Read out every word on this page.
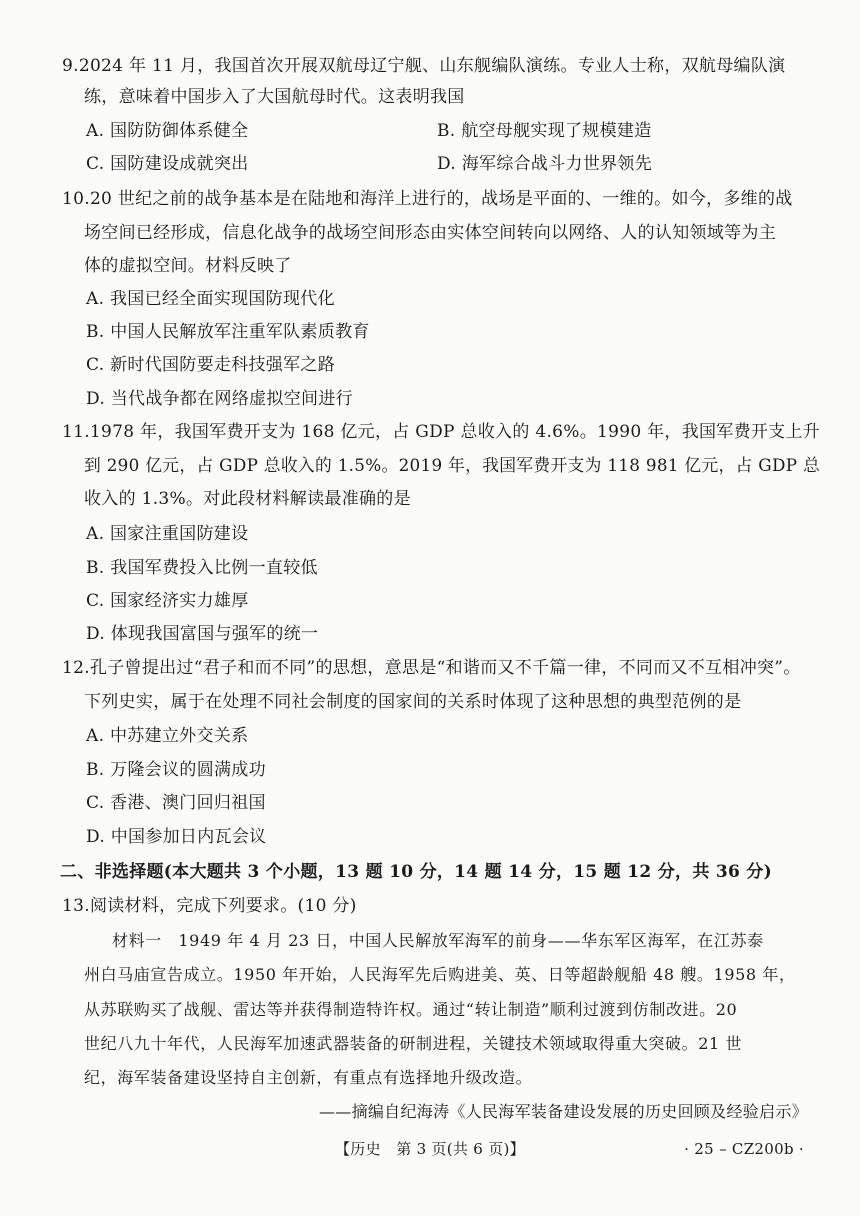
9.2024 年 11 月，我国首次开展双航母辽宁舰、山东舰编队演练。专业人士称，双航母编队演
练，意味着中国步入了大国航母时代。这表明我国
A. 国防防御体系健全	B. 航空母舰实现了规模建造
C. 国防建设成就突出	D. 海军综合战斗力世界领先
10.20 世纪之前的战争基本是在陆地和海洋上进行的，战场是平面的、一维的。如今，多维的战
场空间已经形成，信息化战争的战场空间形态由实体空间转向以网络、人的认知领域等为主
体的虚拟空间。材料反映了
A. 我国已经全面实现国防现代化
B. 中国人民解放军注重军队素质教育
C. 新时代国防要走科技强军之路
D. 当代战争都在网络虚拟空间进行
11.1978 年，我国军费开支为 168 亿元，占 GDP 总收入的 4.6%。1990 年，我国军费开支上升
到 290 亿元，占 GDP 总收入的 1.5%。2019 年，我国军费开支为 118 981 亿元，占 GDP 总
收入的 1.3%。对此段材料解读最准确的是
A. 国家注重国防建设
B. 我国军费投入比例一直较低
C. 国家经济实力雄厚
D. 体现我国富国与强军的统一
12.孔子曾提出过“君子和而不同”的思想，意思是“和谐而又不千篇一律，不同而又不互相冲突”。
下列史实，属于在处理不同社会制度的国家间的关系时体现了这种思想的典型范例的是
A. 中苏建立外交关系
B. 万隆会议的圆满成功
C. 香港、澳门回归祖国
D. 中国参加日内瓦会议
二、非选择题(本大题共 3 个小题，13 题 10 分，14 题 14 分，15 题 12 分，共 36 分)
13.阅读材料，完成下列要求。(10 分)
材料一　1949 年 4 月 23 日，中国人民解放军海军的前身——华东军区海军，在江苏泰
州白马庙宣告成立。1950 年开始，人民海军先后购进美、英、日等超龄舰船 48 艘。1958 年，
从苏联购买了战舰、雷达等并获得制造特许权。通过“转让制造”顺利过渡到仿制改进。20
世纪八九十年代，人民海军加速武器装备的研制进程，关键技术领域取得重大突破。21 世
纪，海军装备建设坚持自主创新，有重点有选择地升级改造。
——摘编自纪海涛《人民海军装备建设发展的历史回顾及经验启示》
【历史　第 3 页(共 6 页)】	· 25 – CZ200b ·
